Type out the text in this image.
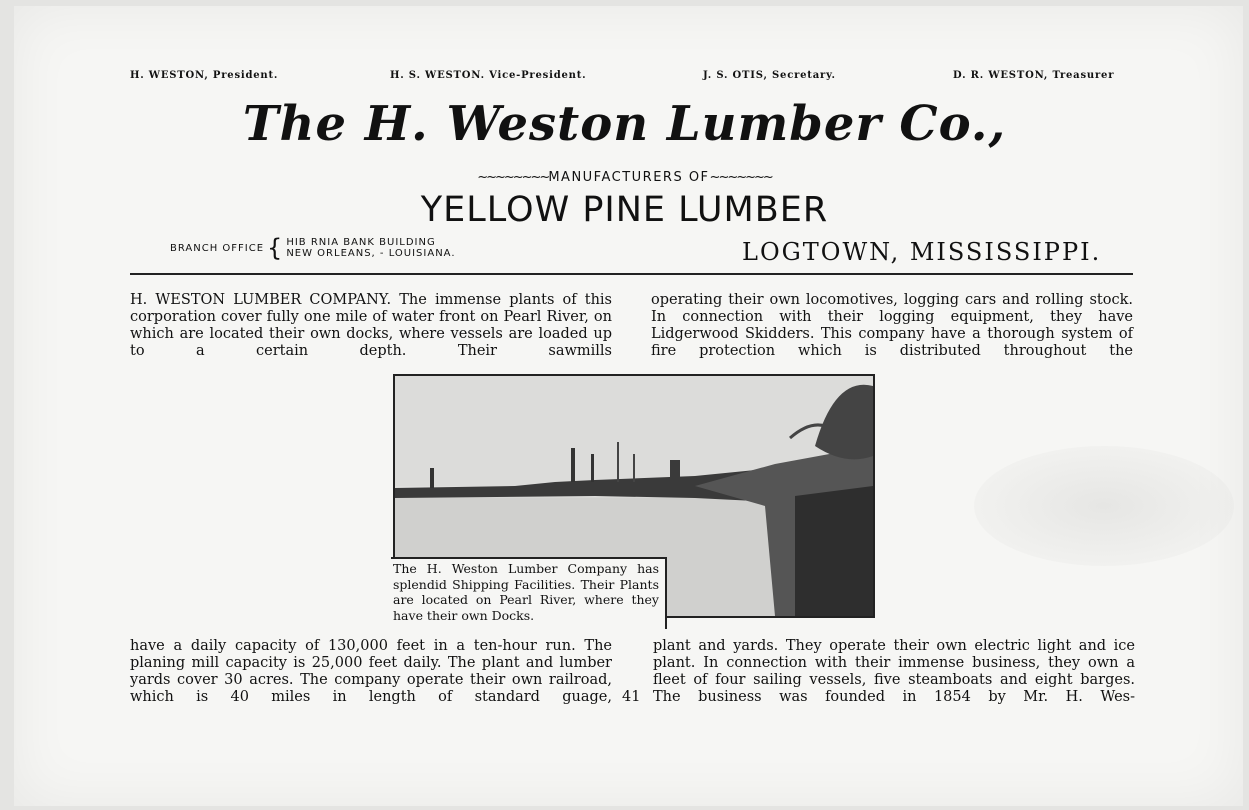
H. WESTON, President.	H. S. WESTON. Vice-President.	J. S. OTIS, Secretary.	D. R. WESTON, Treasurer
The H. Weston Lumber Co.,
~~~~~~~~MANUFACTURERS OF~~~~~~~
YELLOW PINE LUMBER
BRANCH OFFICE { HIB RNIA BANK BUILDING
NEW ORLEANS, - LOUISIANA.	LOGTOWN, MISSISSIPPI.

H. WESTON LUMBER COMPANY. The immense plants of this corporation cover fully one mile of water front on Pearl River, on which are located their own docks, where vessels are loaded up to a certain depth. Their sawmills

operating their own locomotives, logging cars and rolling stock. In connection with their logging equipment, they have Lidgerwood Skidders. This company have a thorough system of fire protection which is distributed throughout the

The H. Weston Lumber Company has splendid Shipping Facilities. Their Plants are located on Pearl River, where they have their own Docks.

have a daily capacity of 130,000 feet in a ten-hour run. The planing mill capacity is 25,000 feet daily. The plant and lumber yards cover 30 acres. The company operate their own railroad, which is 40 miles in length of standard guage, 41

plant and yards. They operate their own electric light and ice plant. In connection with their immense business, they own a fleet of four sailing vessels, five steamboats and eight barges. The business was founded in 1854 by Mr. H. Wes-
